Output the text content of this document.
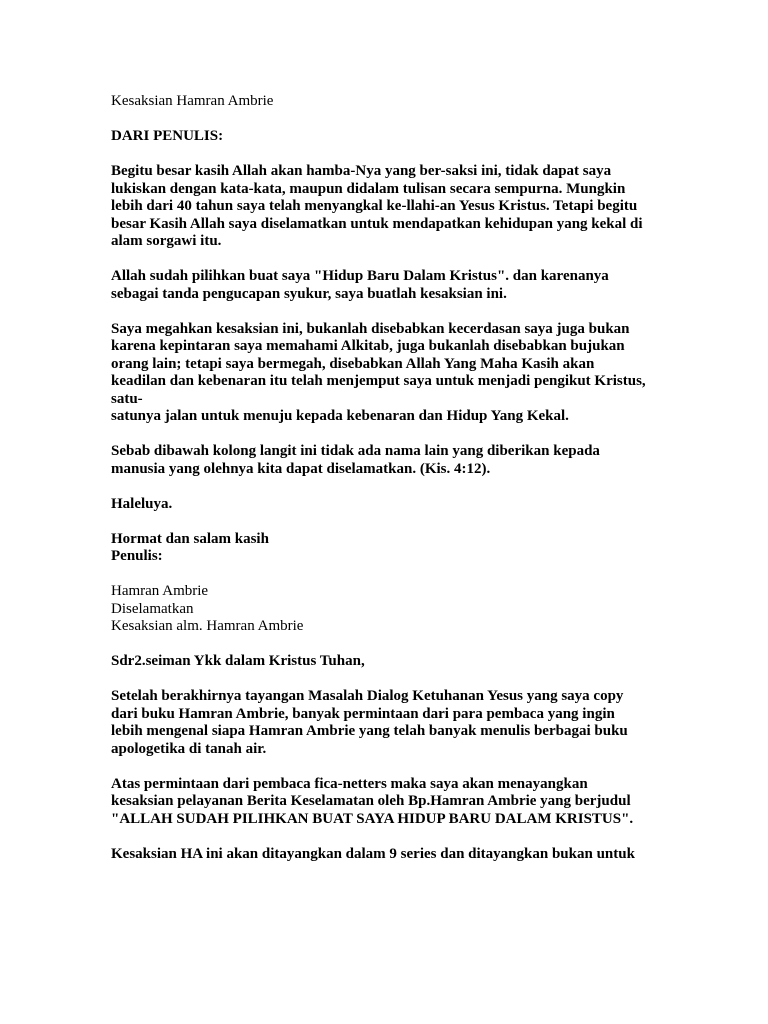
Kesaksian Hamran Ambrie
DARI PENULIS:
Begitu besar kasih Allah akan hamba-Nya yang ber-saksi ini, tidak dapat saya
lukiskan dengan kata-kata, maupun didalam tulisan secara sempurna. Mungkin
lebih dari 40 tahun saya telah menyangkal ke-llahi-an Yesus Kristus. Tetapi begitu
besar Kasih Allah saya diselamatkan untuk mendapatkan kehidupan yang kekal di
alam sorgawi itu.
Allah sudah pilihkan buat saya "Hidup Baru Dalam Kristus". dan karenanya
sebagai tanda pengucapan syukur, saya buatlah kesaksian ini.
Saya megahkan kesaksian ini, bukanlah disebabkan kecerdasan saya juga bukan
karena kepintaran saya memahami Alkitab, juga bukanlah disebabkan bujukan
orang lain; tetapi saya bermegah, disebabkan Allah Yang Maha Kasih akan
keadilan dan kebenaran itu telah menjemput saya untuk menjadi pengikut Kristus,
satu-
satunya jalan untuk menuju kepada kebenaran dan Hidup Yang Kekal.
Sebab dibawah kolong langit ini tidak ada nama lain yang diberikan kepada
manusia yang olehnya kita dapat diselamatkan. (Kis. 4:12).
Haleluya.
Hormat dan salam kasih
Penulis:
Hamran Ambrie
Diselamatkan
Kesaksian alm. Hamran Ambrie
Sdr2.seiman Ykk dalam Kristus Tuhan,
Setelah berakhirnya tayangan Masalah Dialog Ketuhanan Yesus yang saya copy
dari buku Hamran Ambrie, banyak permintaan dari para pembaca yang ingin
lebih mengenal siapa Hamran Ambrie yang telah banyak menulis berbagai buku
apologetika di tanah air.
Atas permintaan dari pembaca fica-netters maka saya akan menayangkan
kesaksian pelayanan Berita Keselamatan oleh Bp.Hamran Ambrie yang berjudul
"ALLAH SUDAH PILIHKAN BUAT SAYA HIDUP BARU DALAM KRISTUS".
Kesaksian HA ini akan ditayangkan dalam 9 series dan ditayangkan bukan untuk
